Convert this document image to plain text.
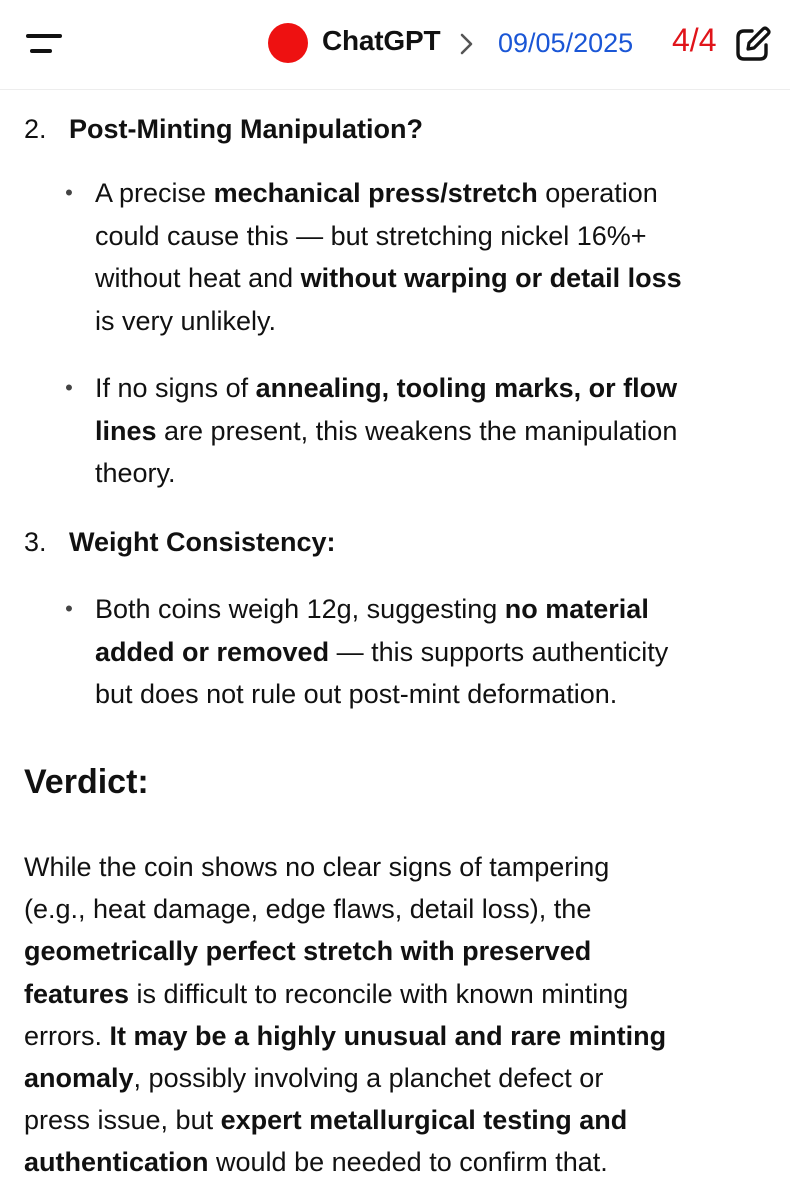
ChatGPT 09/05/2025 4/4
2. Post-Minting Manipulation?
• A precise mechanical press/stretch operation
could cause this — but stretching nickel 16%+
without heat and without warping or detail loss
is very unlikely.
• If no signs of annealing, tooling marks, or flow
lines are present, this weakens the manipulation
theory.
3. Weight Consistency:
• Both coins weigh 12g, suggesting no material
added or removed — this supports authenticity
but does not rule out post-mint deformation.
Verdict:
While the coin shows no clear signs of tampering
(e.g., heat damage, edge flaws, detail loss), the
geometrically perfect stretch with preserved
features is difficult to reconcile with known minting
errors. It may be a highly unusual and rare minting
anomaly, possibly involving a planchet defect or
press issue, but expert metallurgical testing and
authentication would be needed to confirm that.
